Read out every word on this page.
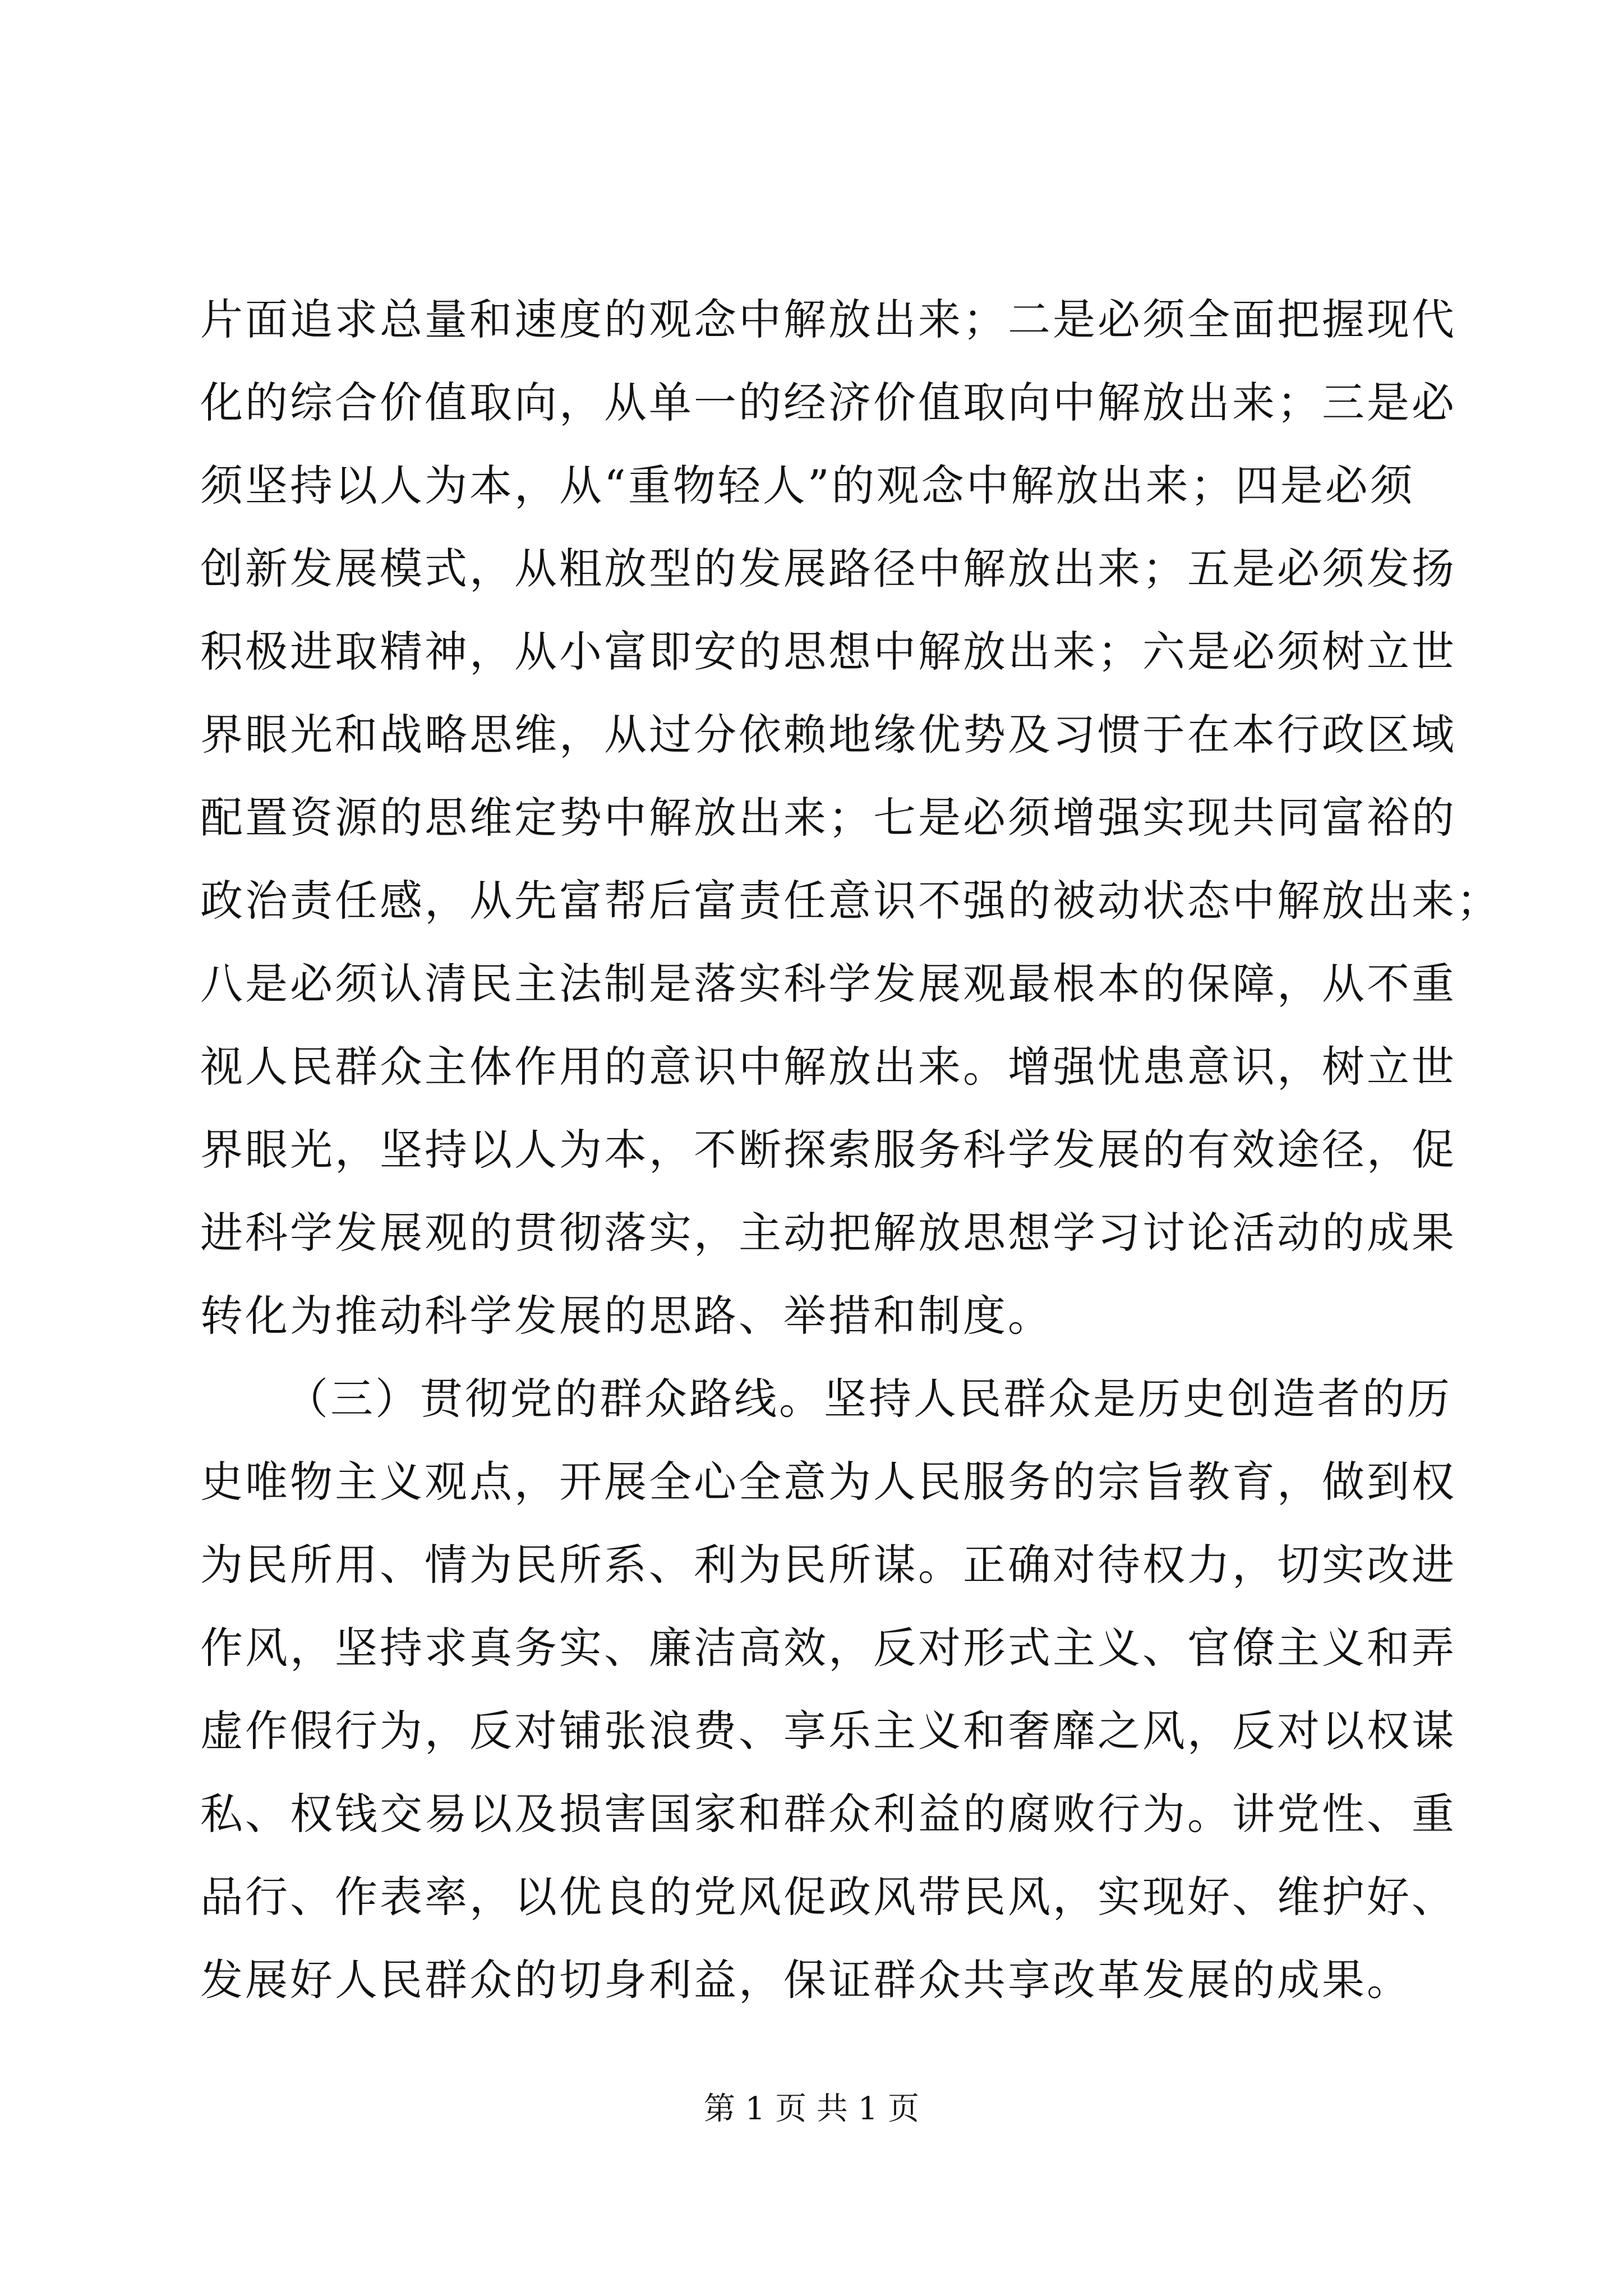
片面追求总量和速度的观念中解放出来；二是必须全面把握现代
化的综合价值取向，从单一的经济价值取向中解放出来；三是必
须坚持以人为本，从“重物轻人”的观念中解放出来；四是必须
创新发展模式，从粗放型的发展路径中解放出来；五是必须发扬
积极进取精神，从小富即安的思想中解放出来；六是必须树立世
界眼光和战略思维，从过分依赖地缘优势及习惯于在本行政区域
配置资源的思维定势中解放出来；七是必须增强实现共同富裕的
政治责任感，从先富帮后富责任意识不强的被动状态中解放出来；
八是必须认清民主法制是落实科学发展观最根本的保障，从不重
视人民群众主体作用的意识中解放出来。增强忧患意识，树立世
界眼光，坚持以人为本，不断探索服务科学发展的有效途径，促
进科学发展观的贯彻落实，主动把解放思想学习讨论活动的成果
转化为推动科学发展的思路、举措和制度。
（三）贯彻党的群众路线。坚持人民群众是历史创造者的历
史唯物主义观点，开展全心全意为人民服务的宗旨教育，做到权
为民所用、情为民所系、利为民所谋。正确对待权力，切实改进
作风，坚持求真务实、廉洁高效，反对形式主义、官僚主义和弄
虚作假行为，反对铺张浪费、享乐主义和奢靡之风，反对以权谋
私、权钱交易以及损害国家和群众利益的腐败行为。讲党性、重
品行、作表率，以优良的党风促政风带民风，实现好、维护好、
发展好人民群众的切身利益，保证群众共享改革发展的成果。
第 1 页 共 1 页
